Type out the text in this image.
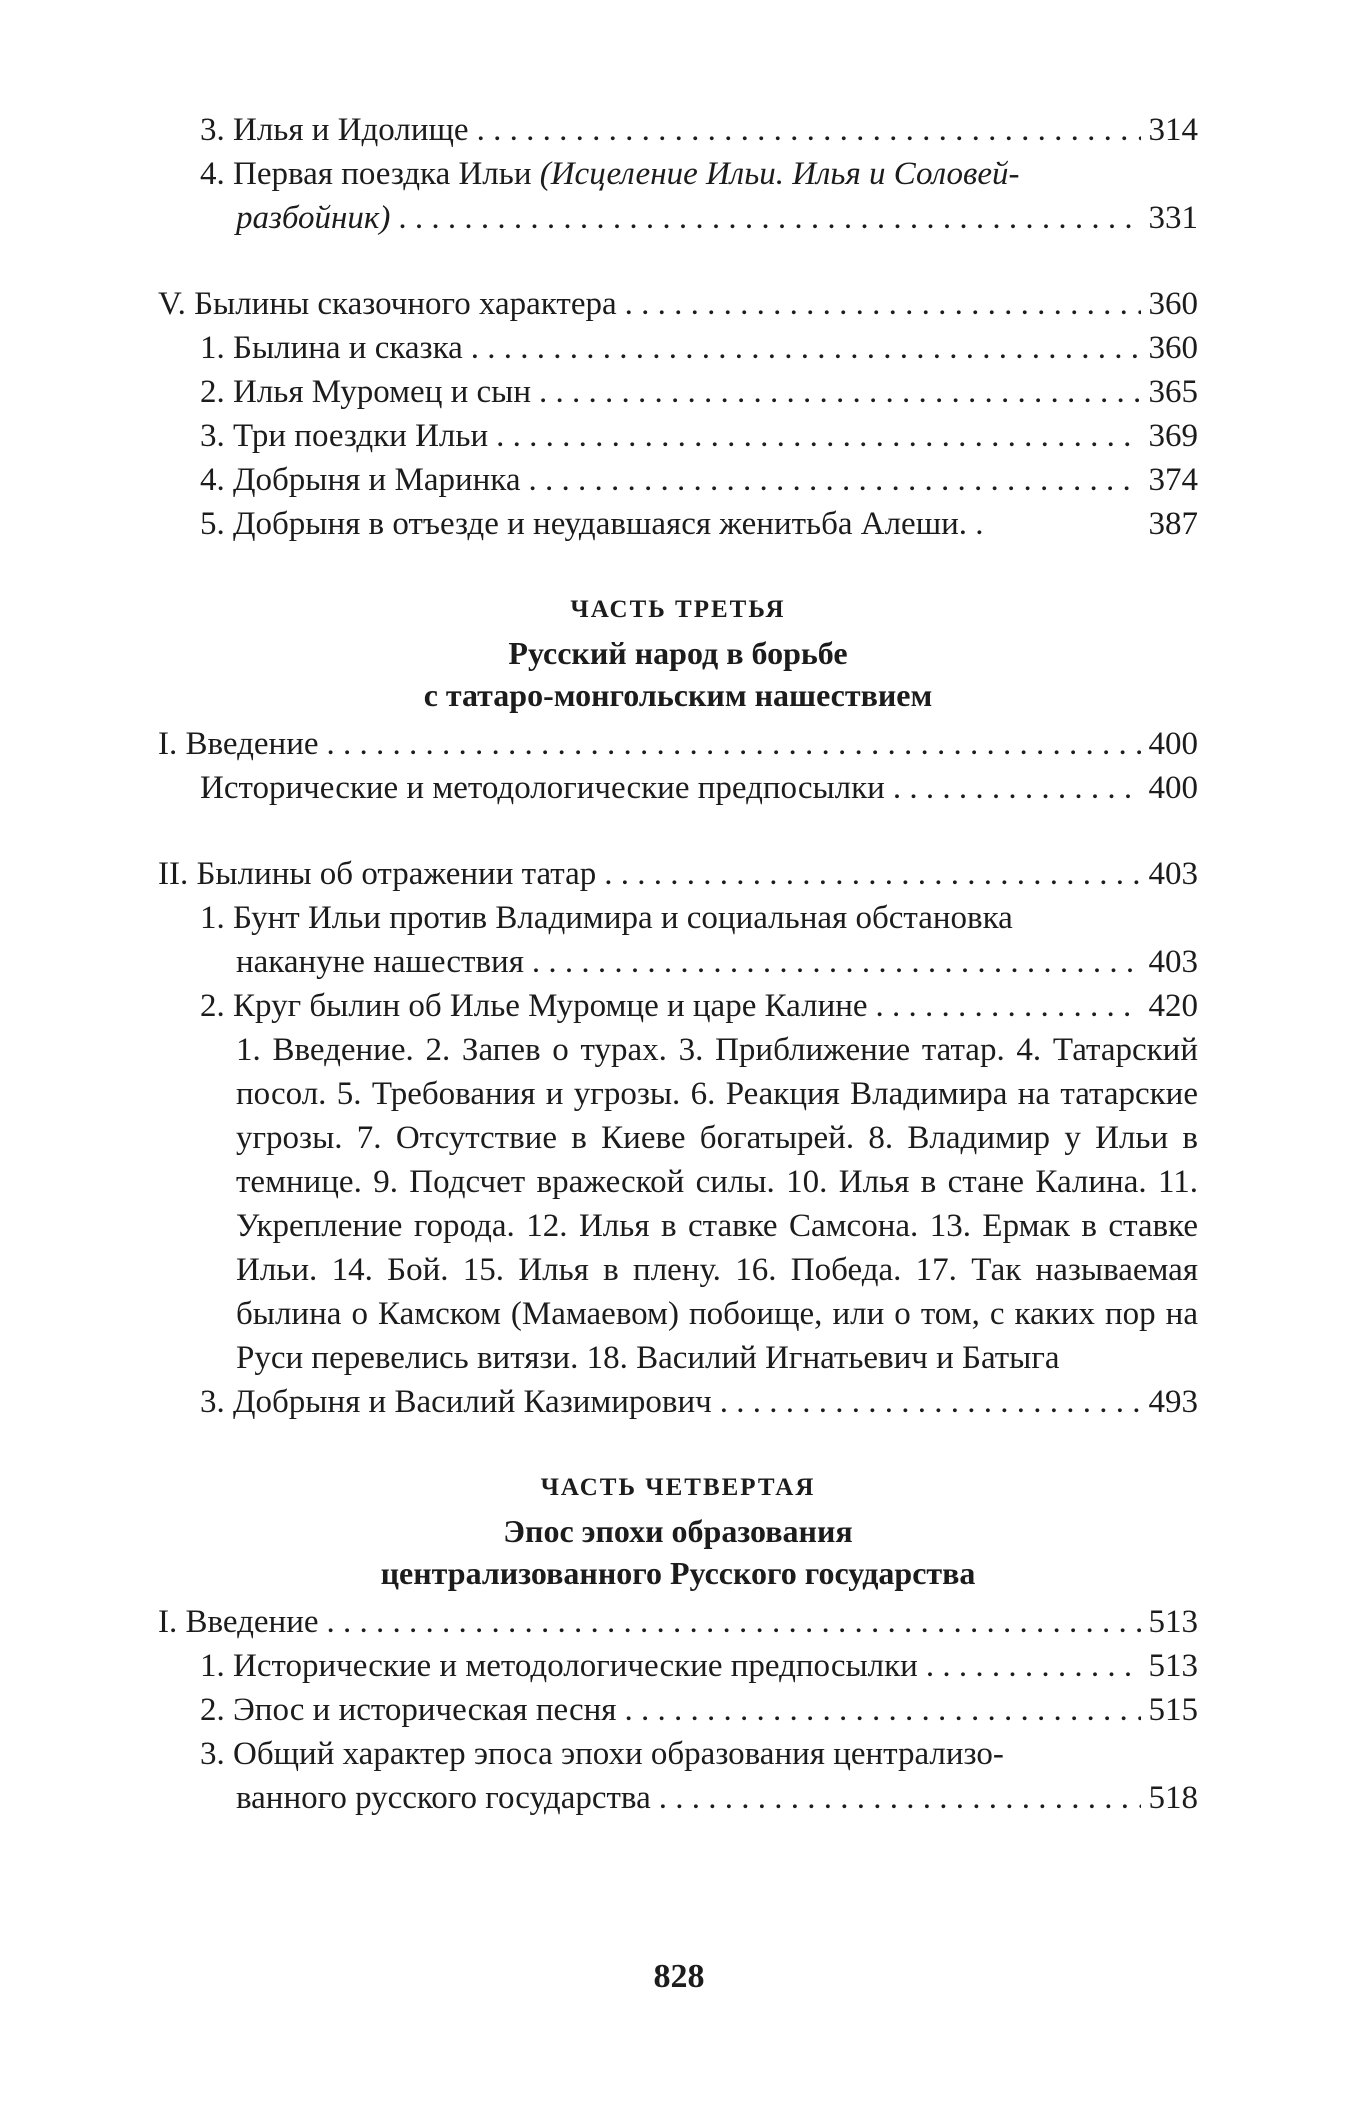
3. Илья и Идолище . . .	314
4. Первая поездка Ильи (Исцеление Ильи. Илья и Соловей-
разбойник) . . .	331
V. Былины сказочного характера . . .	360
1. Былина и сказка . . .	360
2. Илья Муромец и сын . . .	365
3. Три поездки Ильи . . .	369
4. Добрыня и Маринка . . .	374
5. Добрыня в отъезде и неудавшаяся женитьба Алеши. .	387
ЧАСТЬ ТРЕТЬЯ
Русский народ в борьбе
с татаро-монгольским нашествием
I. Введение . . .	400
Исторические и методологические предпосылки . . .	400
II. Былины об отражении татар . . .	403
1. Бунт Ильи против Владимира и социальная обстановка
накануне нашествия . . .	403
2. Круг былин об Илье Муромце и царе Калине . . .	420
1. Введение. 2. Запев о турах. 3. Приближение татар. 4. Татарский посол. 5. Требования и угрозы. 6. Реакция Владимира на татарские угрозы. 7. Отсутствие в Киеве богатырей. 8. Владимир у Ильи в темнице. 9. Подсчет вражеской силы. 10. Илья в стане Калина. 11. Укрепление города. 12. Илья в ставке Самсона. 13. Ермак в ставке Ильи. 14. Бой. 15. Илья в плену. 16. Победа. 17. Так называемая былина о Камском (Мамаевом) побоище, или о том, с каких пор на Руси перевелись витязи. 18. Василий Игнатьевич и Батыга
3. Добрыня и Василий Казимирович . . .	493
ЧАСТЬ ЧЕТВЕРТАЯ
Эпос эпохи образования
централизованного Русского государства
I. Введение . . .	513
1. Исторические и методологические предпосылки . . .	513
2. Эпос и историческая песня . . .	515
3. Общий характер эпоса эпохи образования централизо-
ванного русского государства . . .	518
828
